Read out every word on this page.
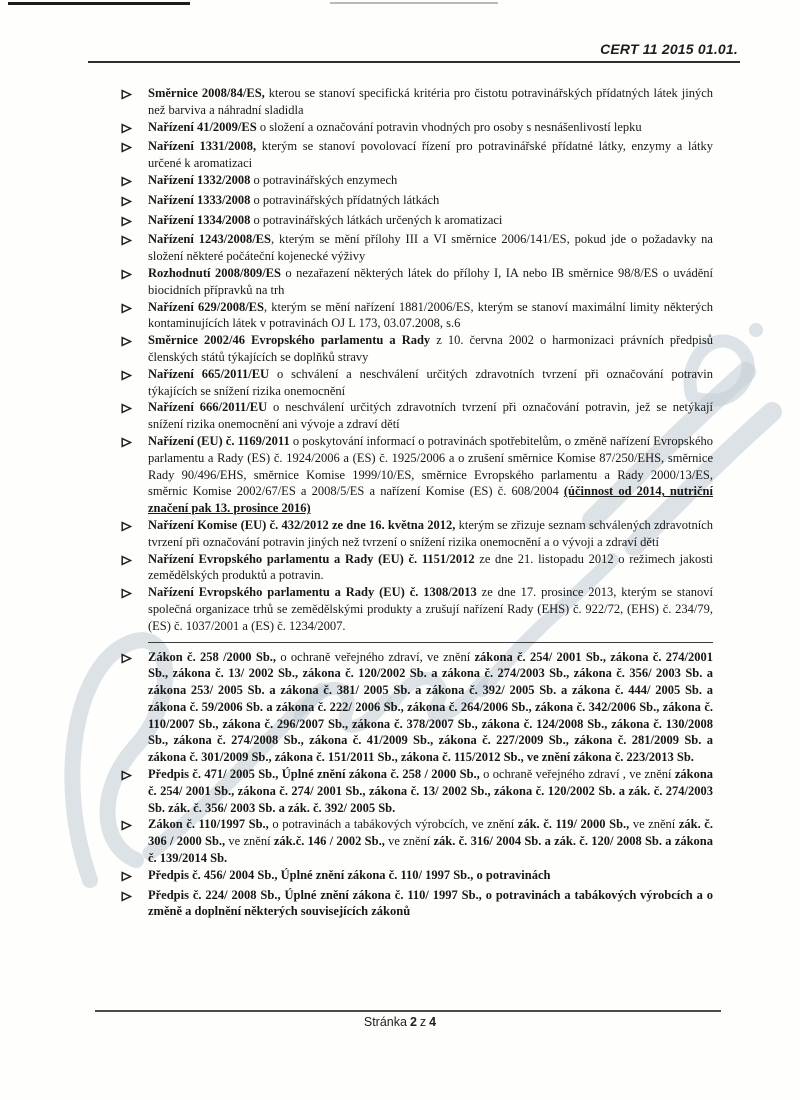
CERT 11 2015 01.01.
Směrnice 2008/84/ES, kterou se stanoví specifická kritéria pro čistotu potravinářských přídatných látek jiných než barviva a náhradní sladidla
Nařízení 41/2009/ES o složení a označování potravin vhodných pro osoby s nesnášenlivostí lepku
Nařízení 1331/2008, kterým se stanoví povolovací řízení pro potravinářské přídatné látky, enzymy a látky určené k aromatizaci
Nařízení 1332/2008 o potravinářských enzymech
Nařízení 1333/2008 o potravinářských přídatných látkách
Nařízení 1334/2008 o potravinářských látkách určených k aromatizaci
Nařízení 1243/2008/ES, kterým se mění přílohy III a VI směrnice 2006/141/ES, pokud jde o požadavky na složení některé počáteční kojenecké výživy
Rozhodnutí 2008/809/ES o nezařazení některých látek do přílohy I, IA nebo IB směrnice 98/8/ES o uvádění biocidních přípravků na trh
Nařízení 629/2008/ES, kterým se mění nařízení 1881/2006/ES, kterým se stanoví maximální limity některých kontaminujících látek v potravinách OJ L 173, 03.07.2008, s.6
Směrnice 2002/46 Evropského parlamentu a Rady z 10. června 2002 o harmonizaci právních předpisů členských států týkajících se doplňků stravy
Nařízení 665/2011/EU o schválení a neschválení určitých zdravotních tvrzení při označování potravin týkajících se snížení rizika onemocnění
Nařízení 666/2011/EU o neschválení určitých zdravotních tvrzení při označování potravin, jež se netýkají snížení rizika onemocnění ani vývoje a zdraví dětí
Nařízení (EU) č. 1169/2011 o poskytování informací o potravinách spotřebitelům, o změně nařízení Evropského parlamentu a Rady (ES) č. 1924/2006 a (ES) č. 1925/2006 a o zrušení směrnice Komise 87/250/EHS, směrnice Rady 90/496/EHS, směrnice Komise 1999/10/ES, směrnice Evropského parlamentu a Rady 2000/13/ES, směrnic Komise 2002/67/ES a 2008/5/ES a nařízení Komise (ES) č. 608/2004 (účinnost od 2014, nutriční značení pak 13. prosince 2016)
Nařízení Komise (EU) č. 432/2012 ze dne 16. května 2012, kterým se zřizuje seznam schválených zdravotních tvrzení při označování potravin jiných než tvrzení o snížení rizika onemocnění a o vývoji a zdraví dětí
Nařízení Evropského parlamentu a Rady (EU) č. 1151/2012 ze dne 21. listopadu 2012 o režimech jakosti zemědělských produktů a potravin.
Nařízení Evropského parlamentu a Rady (EU) č. 1308/2013 ze dne 17. prosince 2013, kterým se stanoví společná organizace trhů se zemědělskými produkty a zrušují nařízení Rady (EHS) č. 922/72, (EHS) č. 234/79, (ES) č. 1037/2001 a (ES) č. 1234/2007.
Zákon č. 258 /2000 Sb., o ochraně veřejného zdraví, ve znění zákona č. 254/ 2001 Sb., zákona č. 274/2001 Sb., zákona č. 13/ 2002 Sb., zákona č. 120/2002 Sb. a zákona č. 274/2003 Sb., zákona č. 356/ 2003 Sb. a zákona 253/ 2005 Sb. a zákona č. 381/ 2005 Sb. a zákona č. 392/ 2005 Sb. a zákona č. 444/ 2005 Sb. a zákona č. 59/2006 Sb. a zákona č. 222/ 2006 Sb., zákona č. 264/2006 Sb., zákona č. 342/2006 Sb., zákona č. 110/2007 Sb., zákona č. 296/2007 Sb., zákona č. 378/2007 Sb., zákona č. 124/2008 Sb., zákona č. 130/2008 Sb., zákona č. 274/2008 Sb., zákona č. 41/2009 Sb., zákona č. 227/2009 Sb., zákona č. 281/2009 Sb. a zákona č. 301/2009 Sb., zákona č. 151/2011 Sb., zákona č. 115/2012 Sb., ve znění zákona č. 223/2013 Sb.
Předpis č. 471/ 2005 Sb., Úplné znění zákona č. 258 / 2000 Sb., o ochraně veřejného zdraví , ve znění zákona č. 254/ 2001 Sb., zákona č. 274/ 2001 Sb., zákona č. 13/ 2002 Sb., zákona č. 120/2002 Sb. a zák. č. 274/2003 Sb. zák. č. 356/ 2003 Sb. a zák. č. 392/ 2005 Sb.
Zákon č. 110/1997 Sb., o potravinách a tabákových výrobcích, ve znění zák. č. 119/ 2000 Sb., ve znění zák. č. 306 / 2000 Sb., ve znění zák.č. 146 / 2002 Sb., ve znění zák. č. 316/ 2004 Sb. a zák. č. 120/ 2008 Sb. a zákona č. 139/2014 Sb.
Předpis č. 456/ 2004 Sb., Úplné znění zákona č. 110/ 1997 Sb., o potravinách
Předpis č. 224/ 2008 Sb., Úplné znění zákona č. 110/ 1997 Sb., o potravinách a tabákových výrobcích a o změně a doplnění některých souvisejících zákonů
Stránka 2 z 4
